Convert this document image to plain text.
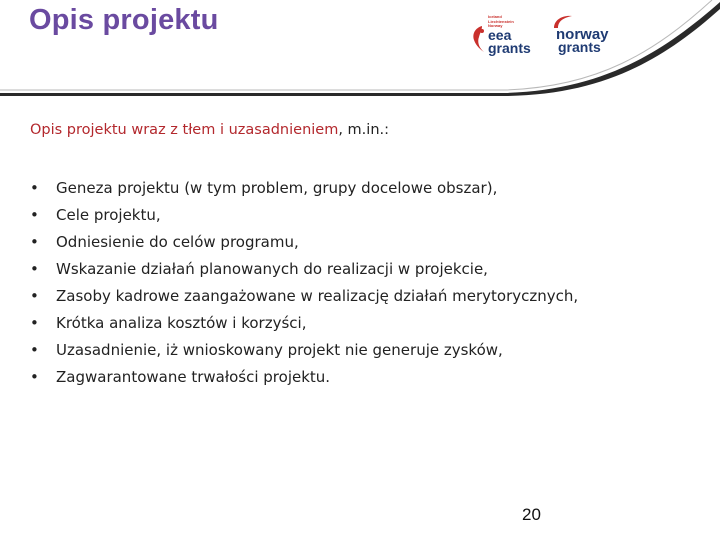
Opis projektu	Iceland Liechtenstein Norway
eea
grants
norway
grants

Opis projektu wraz z tłem i uzasadnieniem, m.in.:

• Geneza projektu (w tym problem, grupy docelowe obszar),
• Cele projektu,
• Odniesienie do celów programu,
• Wskazanie działań planowanych do realizacji w projekcie,
• Zasoby kadrowe zaangażowane w realizację działań merytorycznych,
• Krótka analiza kosztów i korzyści,
• Uzasadnienie, iż wnioskowany projekt nie generuje zysków,
• Zagwarantowane trwałości projektu.
20
